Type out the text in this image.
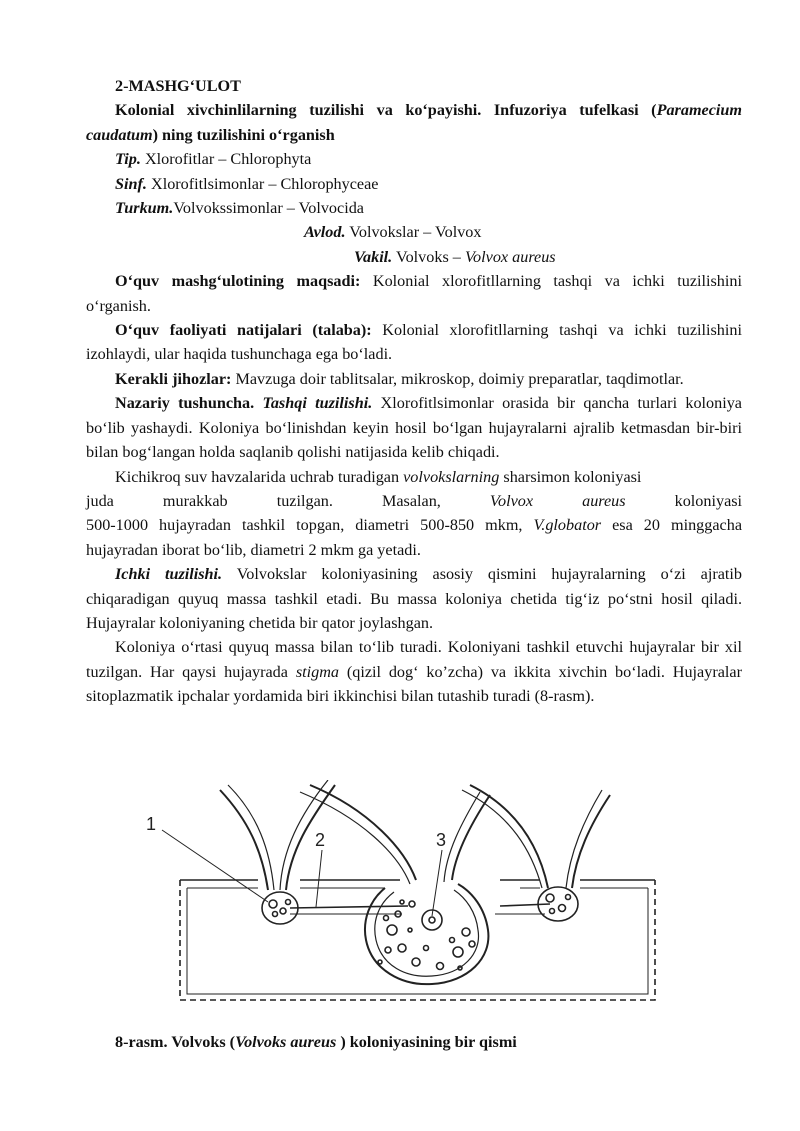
2-MASHG‘ULOT

Kolonial xivchinlilarning tuzilishi va ko‘payishi. Infuzoriya tufelkasi (Paramecium caudatum) ning tuzilishini o‘rganish

Tip. Xlorofitlar – Chlorophyta

Sinf. Xlorofitlsimonlar – Chlorophyceae

Turkum.Volvokssimonlar – Volvocida

Avlod. Volvokslar – Volvox

Vakil. Volvoks – Volvox aureus

O‘quv mashg‘ulotining maqsadi: Kolonial xlorofitllarning tashqi va ichki tuzilishini o‘rganish.

O‘quv faoliyati natijalari (talaba): Kolonial xlorofitllarning tashqi va ichki tuzilishini izohlaydi, ular haqida tushunchaga ega bo‘ladi.

Kerakli jihozlar: Mavzuga doir tablitsalar, mikroskop, doimiy preparatlar, taqdimotlar.

Nazariy tushuncha. Tashqi tuzilishi. Xlorofitlsimonlar orasida bir qancha turlari koloniya bo‘lib yashaydi. Koloniya bo‘linishdan keyin hosil bo‘lgan hujayralarni ajralib ketmasdan bir-biri bilan bog‘langan holda saqlanib qolishi natijasida kelib chiqadi.

Kichikroq suv havzalarida uchrab turadigan volvokslarning sharsimon koloniyasi

juda	murakkab	tuzilgan.	Masalan,	Volvox	aureus	koloniyasi

500-1000 hujayradan tashkil topgan, diametri 500-850 mkm, V.globator esa 20 minggacha hujayradan iborat bo‘lib, diametri 2 mkm ga yetadi.

Ichki tuzilishi. Volvokslar koloniyasining asosiy qismini hujayralarning o‘zi ajratib chiqaradigan quyuq massa tashkil etadi. Bu massa koloniya chetida tig‘iz po‘stni hosil qiladi. Hujayralar koloniyaning chetida bir qator joylashgan.

Koloniya o‘rtasi quyuq massa bilan to‘lib turadi. Koloniyani tashkil etuvchi hujayralar bir xil tuzilgan. Har qaysi hujayrada stigma (qizil dog‘ ko’zcha) va ikkita xivchin bo‘ladi. Hujayralar sitoplazmatik ipchalar yordamida biri ikkinchisi bilan tutashib turadi (8-rasm).

1
2	3

8-rasm. Volvoks (Volvoks aureus ) koloniyasining bir qismi
